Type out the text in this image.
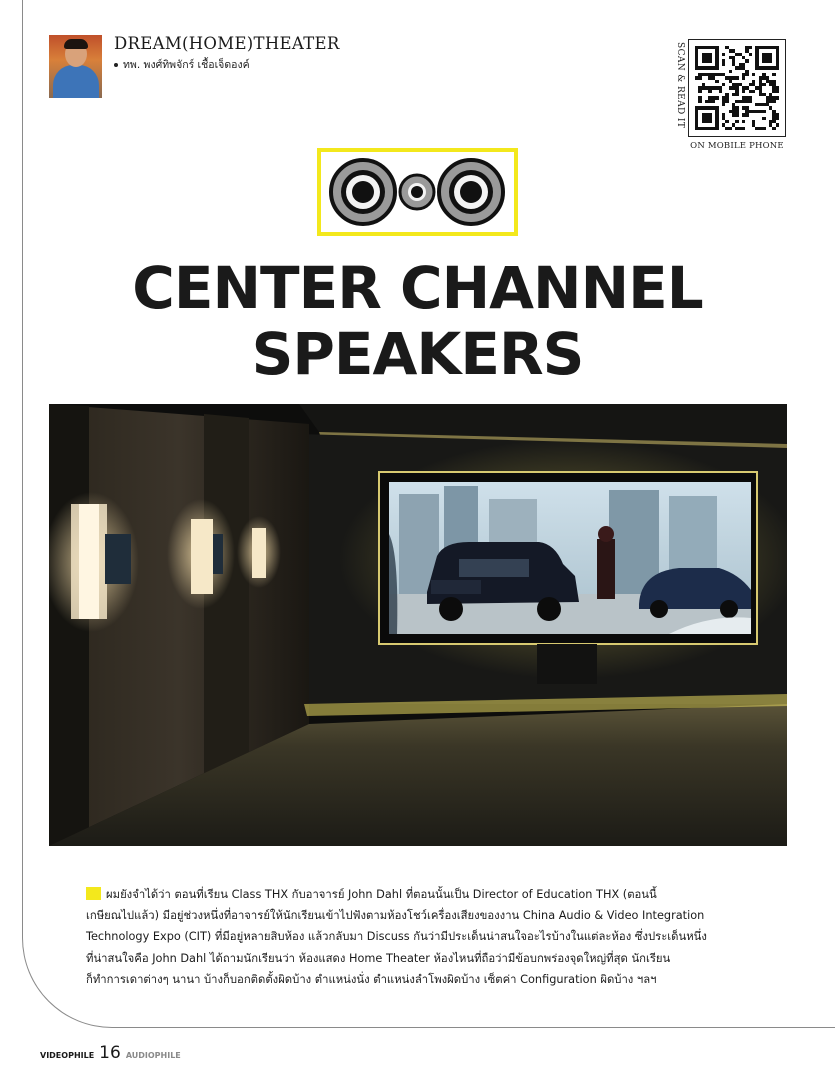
DREAM(HOME)THEATER
ทพ. พงศ์ทิพจักร์ เชื้อเจ็ดองค์	SCAN & READ IT
ON MOBILE PHONE
CENTER CHANNEL
SPEAKERS
ผมยังจำได้ว่า ตอนที่เรียน Class THX กับอาจารย์ John Dahl ที่ตอนนั้นเป็น Director of Education THX (ตอนนี้
เกษียณไปแล้ว) มีอยู่ช่วงหนึ่งที่อาจารย์ให้นักเรียนเข้าไปฟังตามห้องโชว์เครื่องเสียงของงาน China Audio & Video Integration
Technology Expo (CIT) ที่มีอยู่หลายสิบห้อง แล้วกลับมา Discuss กันว่ามีประเด็นน่าสนใจอะไรบ้างในแต่ละห้อง ซึ่งประเด็นหนึ่ง
ที่น่าสนใจคือ John Dahl ได้ถามนักเรียนว่า ห้องแสดง Home Theater ห้องไหนที่ถือว่ามีข้อบกพร่องจุดใหญ่ที่สุด นักเรียน
ก็ทำการเดาต่างๆ นานา บ้างก็บอกติดตั้งผิดบ้าง ตำแหน่งนั่ง ตำแหน่งลำโพงผิดบ้าง เซ็ตค่า Configuration ผิดบ้าง ฯลฯ
VIDEOPHILE 16 AUDIOPHILE
